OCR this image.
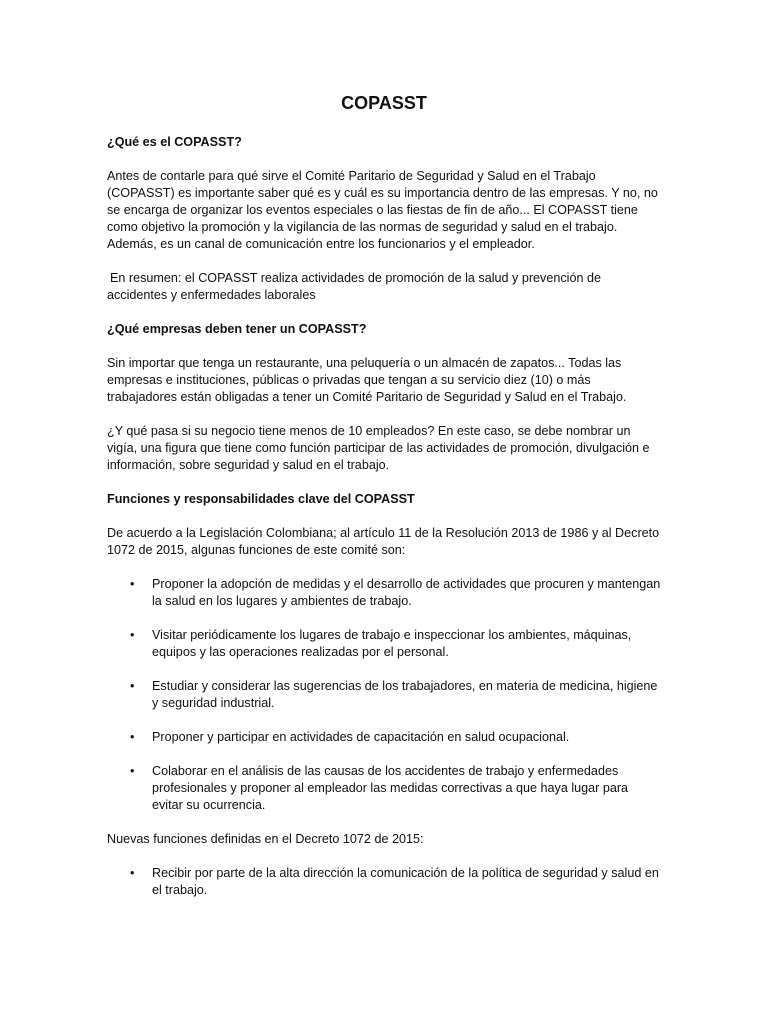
COPASST
¿Qué es el COPASST?

Antes de contarle para qué sirve el Comité Paritario de Seguridad y Salud en el Trabajo (COPASST) es importante saber qué es y cuál es su importancia dentro de las empresas. Y no, no se encarga de organizar los eventos especiales o las fiestas de fin de año... El COPASST tiene como objetivo la promoción y la vigilancia de las normas de seguridad y salud en el trabajo. Además, es un canal de comunicación entre los funcionarios y el empleador.

En resumen: el COPASST realiza actividades de promoción de la salud y prevención de accidentes y enfermedades laborales

¿Qué empresas deben tener un COPASST?

Sin importar que tenga un restaurante, una peluquería o un almacén de zapatos... Todas las empresas e instituciones, públicas o privadas que tengan a su servicio diez (10) o más trabajadores están obligadas a tener un Comité Paritario de Seguridad y Salud en el Trabajo.

¿Y qué pasa si su negocio tiene menos de 10 empleados? En este caso, se debe nombrar un vigía, una figura que tiene como función participar de las actividades de promoción, divulgación e información, sobre seguridad y salud en el trabajo.

Funciones y responsabilidades clave del COPASST

De acuerdo a la Legislación Colombiana; al artículo 11 de la Resolución 2013 de 1986 y al Decreto 1072 de 2015, algunas funciones de este comité son:

• Proponer la adopción de medidas y el desarrollo de actividades que procuren y mantengan la salud en los lugares y ambientes de trabajo.
• Visitar periódicamente los lugares de trabajo e inspeccionar los ambientes, máquinas, equipos y las operaciones realizadas por el personal.
• Estudiar y considerar las sugerencias de los trabajadores, en materia de medicina, higiene y seguridad industrial.
• Proponer y participar en actividades de capacitación en salud ocupacional.
• Colaborar en el análisis de las causas de los accidentes de trabajo y enfermedades profesionales y proponer al empleador las medidas correctivas a que haya lugar para evitar su ocurrencia.

Nuevas funciones definidas en el Decreto 1072 de 2015:

• Recibir por parte de la alta dirección la comunicación de la política de seguridad y salud en el trabajo.
